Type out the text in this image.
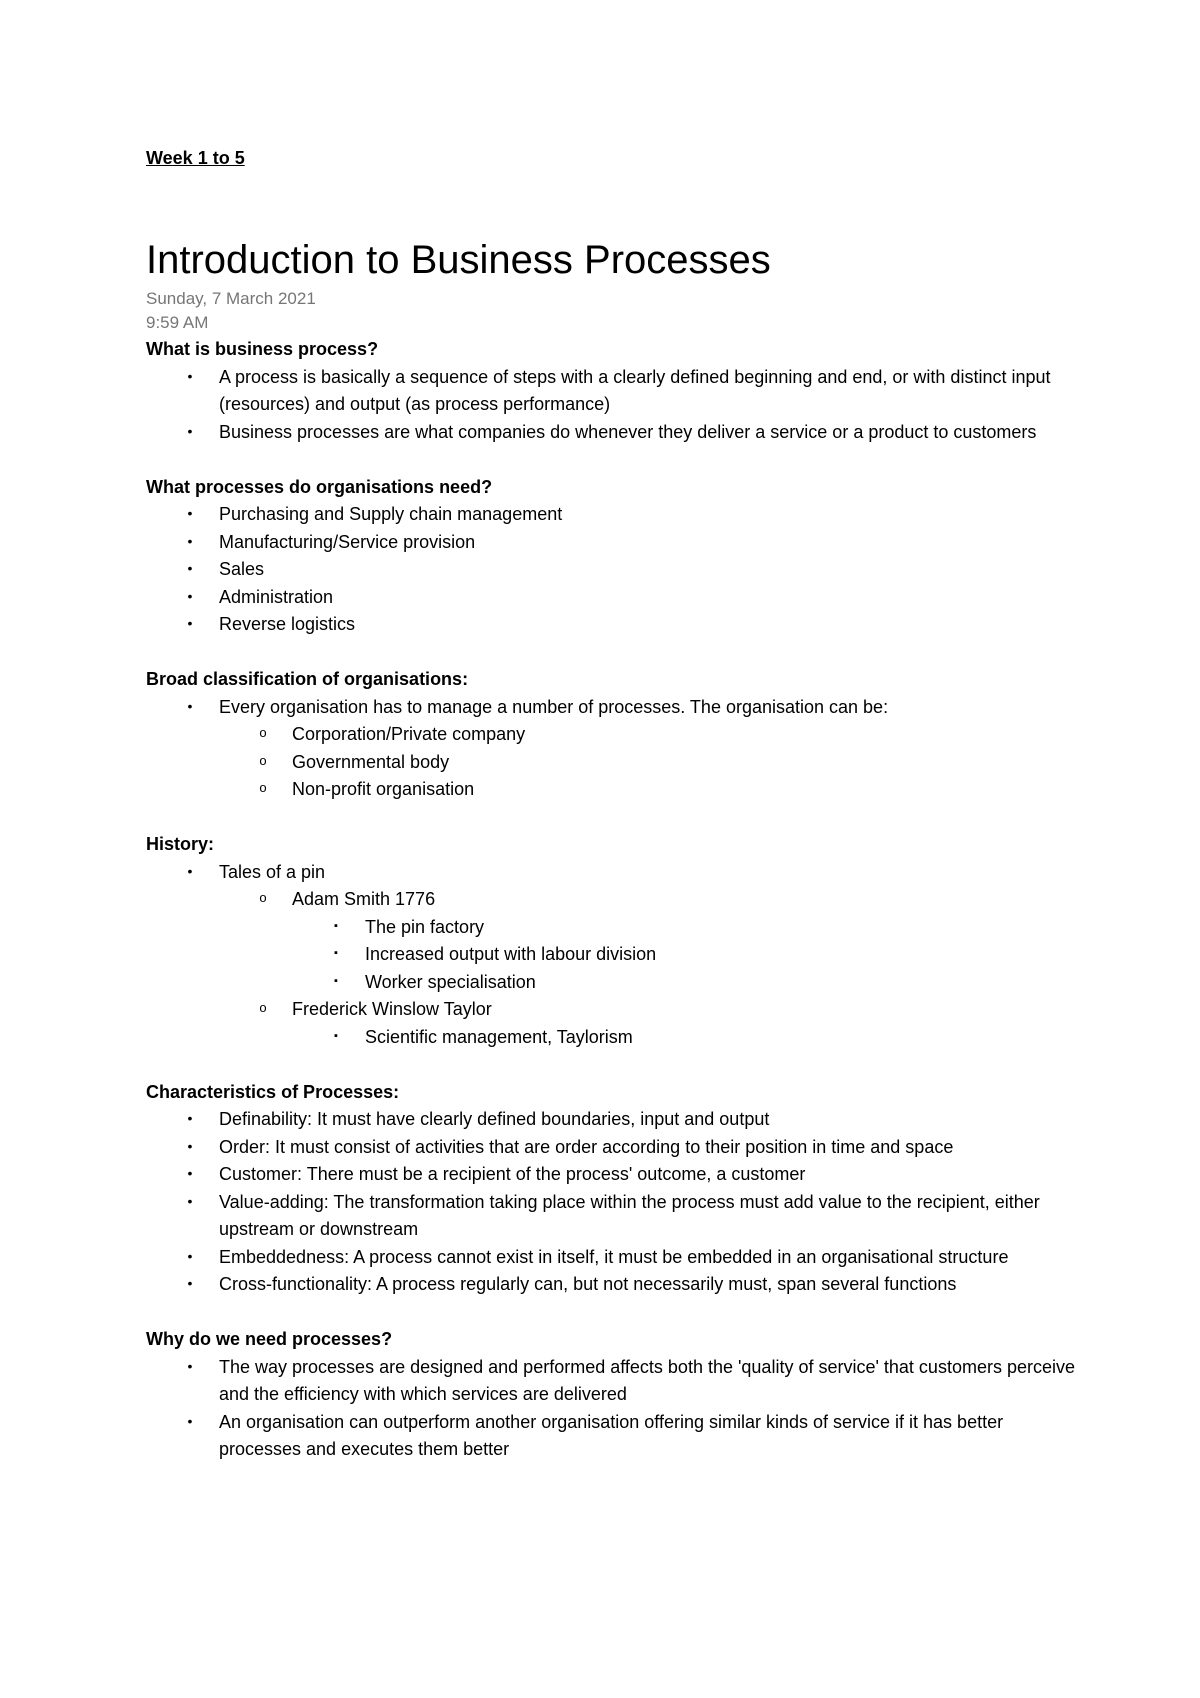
Week 1 to 5
Introduction to Business Processes
Sunday, 7 March 2021
9:59 AM
What is business process?
•	A process is basically a sequence of steps with a clearly defined beginning and end, or with distinct input (resources) and output (as process performance)
•	Business processes are what companies do whenever they deliver a service or a product to customers
What processes do organisations need?
•	Purchasing and Supply chain management
•	Manufacturing/Service provision
•	Sales
•	Administration
•	Reverse logistics
Broad classification of organisations:
•	Every organisation has to manage a number of processes. The organisation can be:
o	Corporation/Private company
o	Governmental body
o	Non-profit organisation
History:
•	Tales of a pin
o	Adam Smith 1776
▪	The pin factory
▪	Increased output with labour division
▪	Worker specialisation
o	Frederick Winslow Taylor
▪	Scientific management, Taylorism
Characteristics of Processes:
•	Definability: It must have clearly defined boundaries, input and output
•	Order: It must consist of activities that are order according to their position in time and space
•	Customer: There must be a recipient of the process' outcome, a customer
•	Value-adding: The transformation taking place within the process must add value to the recipient, either upstream or downstream
•	Embeddedness: A process cannot exist in itself, it must be embedded in an organisational structure
•	Cross-functionality: A process regularly can, but not necessarily must, span several functions
Why do we need processes?
•	The way processes are designed and performed affects both the 'quality of service' that customers perceive and the efficiency with which services are delivered
•	An organisation can outperform another organisation offering similar kinds of service if it has better processes and executes them better
